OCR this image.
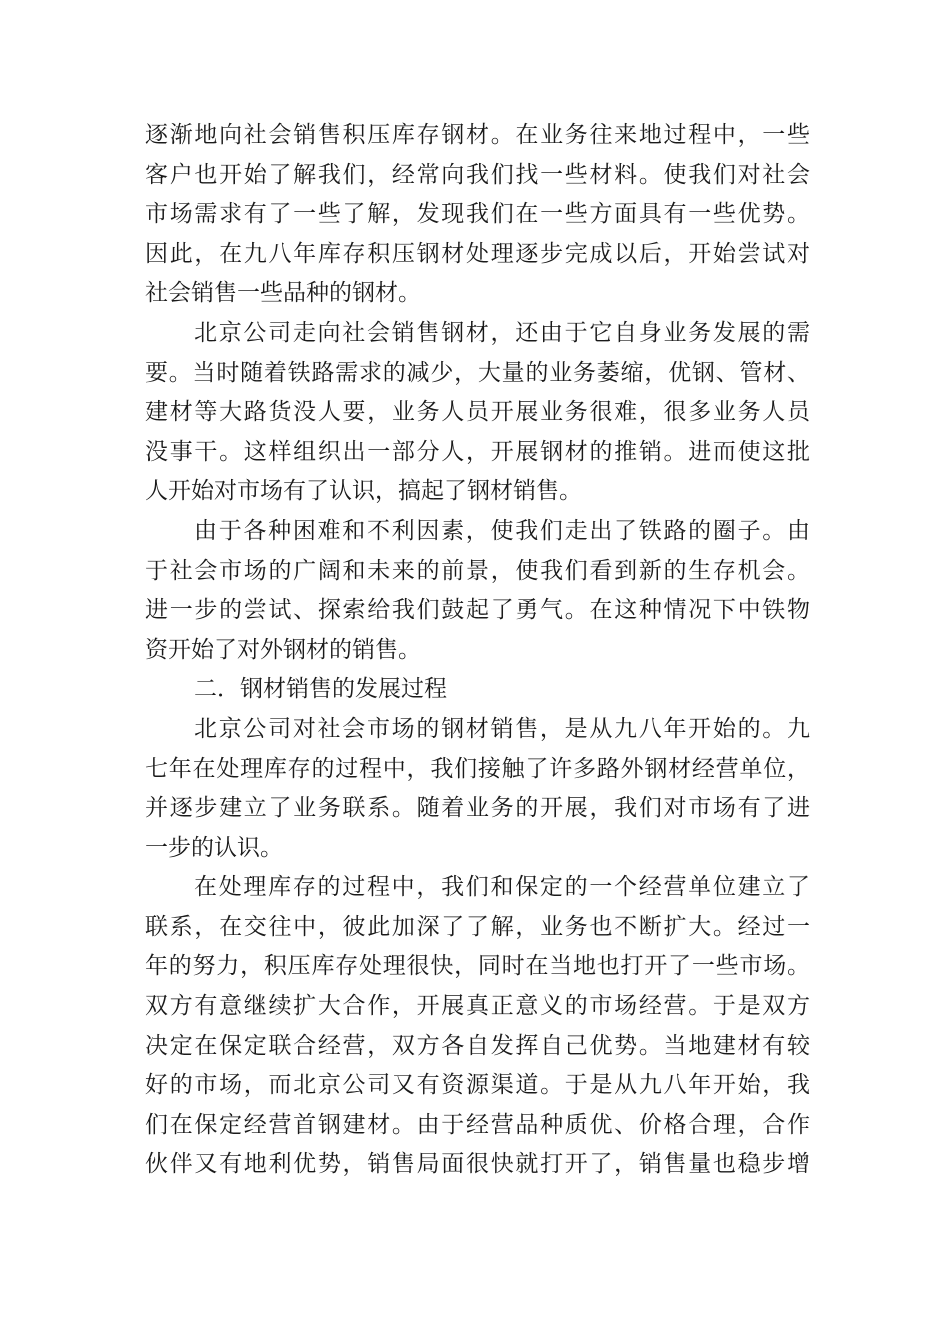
逐渐地向社会销售积压库存钢材。在业务往来地过程中，一些
客户也开始了解我们，经常向我们找一些材料。使我们对社会
市场需求有了一些了解，发现我们在一些方面具有一些优势。
因此，在九八年库存积压钢材处理逐步完成以后，开始尝试对
社会销售一些品种的钢材。
北京公司走向社会销售钢材，还由于它自身业务发展的需
要。当时随着铁路需求的减少，大量的业务萎缩，优钢、管材、
建材等大路货没人要，业务人员开展业务很难，很多业务人员
没事干。这样组织出一部分人，开展钢材的推销。进而使这批
人开始对市场有了认识，搞起了钢材销售。
由于各种困难和不利因素，使我们走出了铁路的圈子。由
于社会市场的广阔和未来的前景，使我们看到新的生存机会。
进一步的尝试、探索给我们鼓起了勇气。在这种情况下中铁物
资开始了对外钢材的销售。
二．钢材销售的发展过程
北京公司对社会市场的钢材销售，是从九八年开始的。九
七年在处理库存的过程中，我们接触了许多路外钢材经营单位，
并逐步建立了业务联系。随着业务的开展，我们对市场有了进
一步的认识。
在处理库存的过程中，我们和保定的一个经营单位建立了
联系，在交往中，彼此加深了了解，业务也不断扩大。经过一
年的努力，积压库存处理很快，同时在当地也打开了一些市场。
双方有意继续扩大合作，开展真正意义的市场经营。于是双方
决定在保定联合经营，双方各自发挥自己优势。当地建材有较
好的市场，而北京公司又有资源渠道。于是从九八年开始，我
们在保定经营首钢建材。由于经营品种质优、价格合理，合作
伙伴又有地利优势，销售局面很快就打开了，销售量也稳步增
